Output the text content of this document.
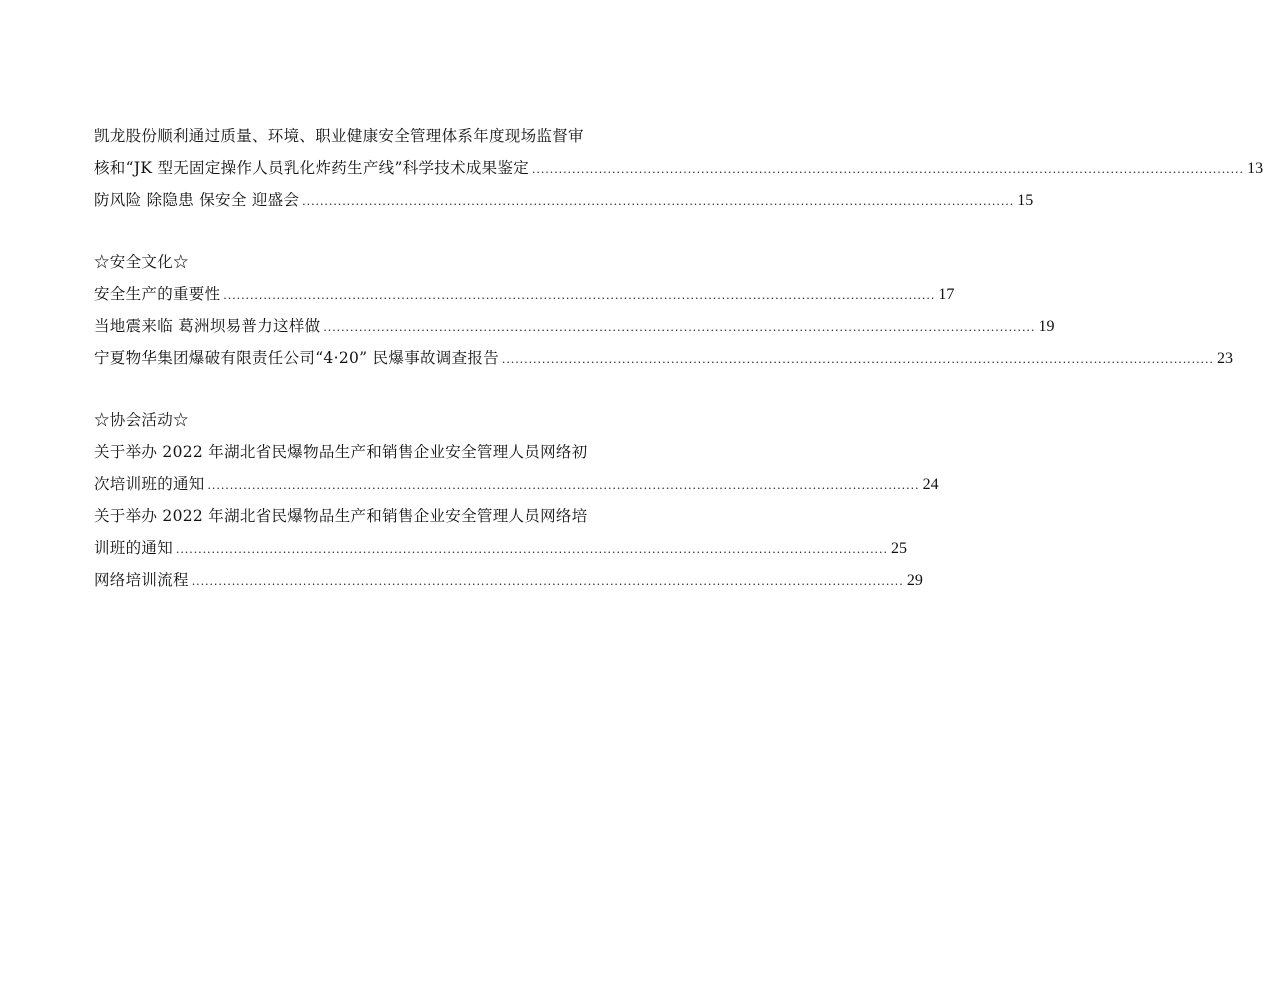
凯龙股份顺利通过质量、环境、职业健康安全管理体系年度现场监督审
核和“JK 型无固定操作人员乳化炸药生产线”科学技术成果鉴定 ................................................................................................................................................................ 13
防风险 除隐患 保安全 迎盛会 ................................................................................................................................................................ 15
☆安全文化☆
安全生产的重要性 ................................................................................................................................................................ 17
当地震来临 葛洲坝易普力这样做 ................................................................................................................................................................ 19
宁夏物华集团爆破有限责任公司“4·20” 民爆事故调查报告 ................................................................................................................................................................ 23
☆协会活动☆
关于举办 2022 年湖北省民爆物品生产和销售企业安全管理人员网络初
次培训班的通知 ................................................................................................................................................................ 24
关于举办 2022 年湖北省民爆物品生产和销售企业安全管理人员网络培
训班的通知 ................................................................................................................................................................ 25
网络培训流程 ................................................................................................................................................................ 29
